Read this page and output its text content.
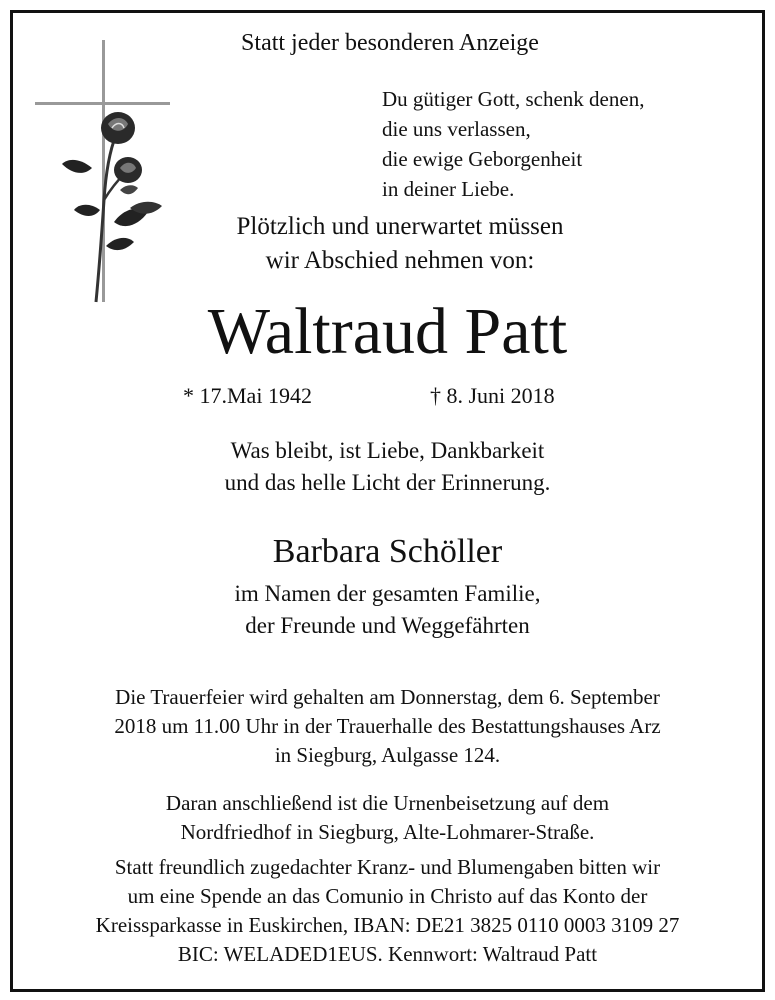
Statt jeder besonderen Anzeige
Du gütiger Gott, schenk denen,
die uns verlassen,
die ewige Geborgenheit
in deiner Liebe.
Plötzlich und unerwartet müssen
wir Abschied nehmen von:
Waltraud Patt
* 17.Mai 1942	† 8. Juni 2018
Was bleibt, ist Liebe, Dankbarkeit
und das helle Licht der Erinnerung.
Barbara Schöller
im Namen der gesamten Familie,
der Freunde und Weggefährten
Die Trauerfeier wird gehalten am Donnerstag, dem 6. September
2018 um 11.00 Uhr in der Trauerhalle des Bestattungshauses Arz
in Siegburg, Aulgasse 124.
Daran anschließend ist die Urnenbeisetzung auf dem
Nordfriedhof in Siegburg, Alte-Lohmarer-Straße.
Statt freundlich zugedachter Kranz- und Blumengaben bitten wir
um eine Spende an das Comunio in Christo auf das Konto der
Kreissparkasse in Euskirchen, IBAN: DE21 3825 0110 0003 3109 27
BIC: WELADED1EUS. Kennwort: Waltraud Patt
